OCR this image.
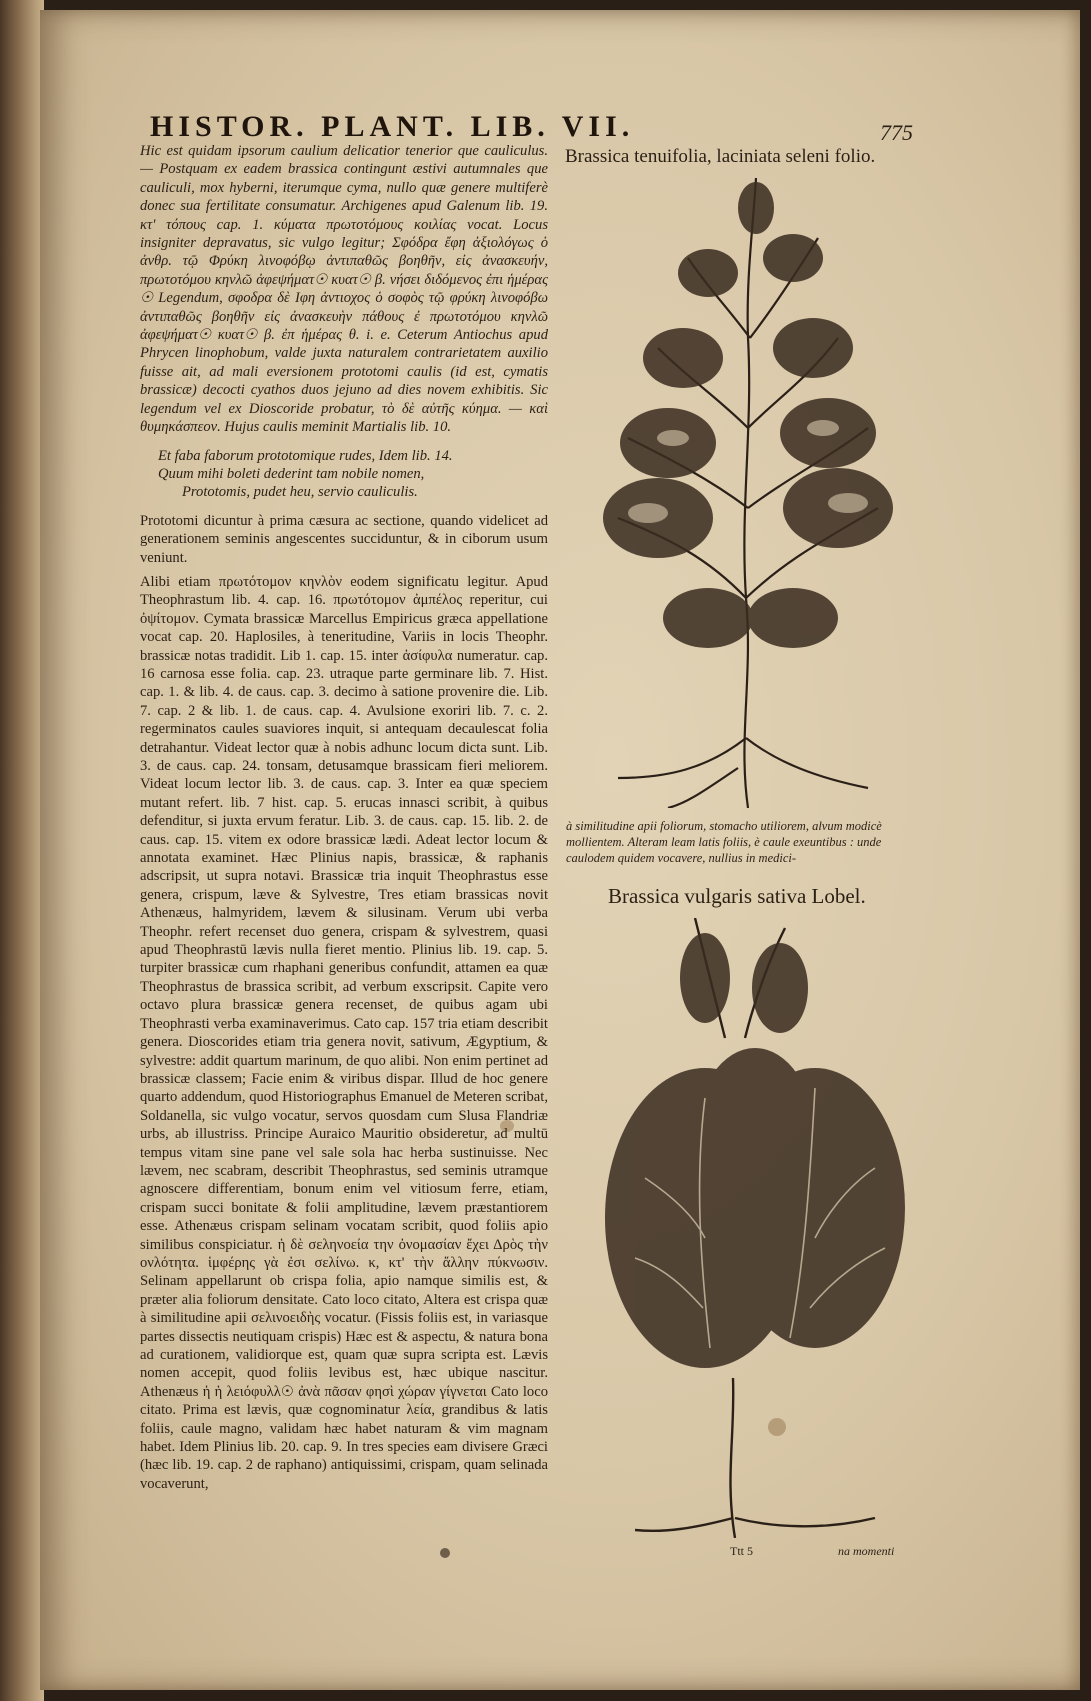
HISTOR. PLANT. LIB. VII.	775

Hic est quidam ipsorum caulium delicatior tenerior que cauliculus. — Postquam ex eadem brassica contingunt æstivi autumnales que cauliculi, mox hyberni, iterumque cyma, nullo quæ genere multiferè donec sua fertilitate consumatur. Archigenes apud Galenum lib. 19. κτ' τόπους cap. 1. κύματα πρωτοτόμους κοιλίας vocat. Locus insigniter depravatus, sic vulgo legitur; Σφόδρα ἔφη ἀξιολόγως ὁ ἀνθρ. τῷ Φρύκη λινοφόβῳ ἀντιπαθῶς βοηθῆν, εἰς ἀνασκευήν, πρωτοτόμου κηνλῶ ἀφεψήματ☉ κυατ☉ β. νήσει διδόμενος ἐπι ἡμέρας ☉ Legendum, σφοδρα δὲ Ιφη ἀντιοχος ὁ σοφὸς τῷ φρύκη λινοφόβω ἀντιπαθῶς βοηθῆν εἰς ἀνασκευὴν πάθους ἐ πρωτοτόμου κηνλῶ ἀφεψήματ☉ κυατ☉ β. ἐπ ἡμέρας θ. i. e. Ceterum Antiochus apud Phrycen linophobum, valde juxta naturalem contrarietatem auxilio fuisse ait, ad mali eversionem prototomi caulis (id est, cymatis brassicæ) decocti cyathos duos jejuno ad dies novem exhibitis. Sic legendum vel ex Dioscoride probatur, τὸ δὲ αὐτῆς κύημα. — καὶ θυμηκάσπεον. Hujus caulis meminit Martialis lib. 10.

Et faba faborum prototomique rudes, Idem lib. 14.
Quum mihi boleti dederint tam nobile nomen,
Prototomis, pudet heu, servio cauliculis.

Prototomi dicuntur à prima cæsura ac sectione, quando videlicet ad generationem seminis angescentes succiduntur, & in ciborum usum veniunt.

Alibi etiam πρωτότομον κηνλὸν eodem significatu legitur. Apud Theophrastum lib. 4. cap. 16. πρωτότομον ἀμπέλος reperitur, cui ὀψίτομον. Cymata brassicæ Marcellus Empiricus græca appellatione vocat cap. 20. Haplosiles, à teneritudine, Variis in locis Theophr. brassicæ notas tradidit. Lib 1. cap. 15. inter ἀσίφυλα numeratur. cap. 16 carnosa esse folia. cap. 23. utraque parte germinare lib. 7. Hist. cap. 1. & lib. 4. de caus. cap. 3. decimo à satione provenire die. Lib. 7. cap. 2 & lib. 1. de caus. cap. 4. Avulsione exoriri lib. 7. c. 2. regerminatos caules suaviores inquit, si antequam decaulescat folia detrahantur. Videat lector quæ à nobis adhunc locum dicta sunt. Lib. 3. de caus. cap. 24. tonsam, detusamque brassicam fieri meliorem. Videat locum lector lib. 3. de caus. cap. 3. Inter ea quæ speciem mutant refert. lib. 7 hist. cap. 5. erucas innasci scribit, à quibus defenditur, si juxta ervum feratur. Lib. 3. de caus. cap. 15. lib. 2. de caus. cap. 15. vitem ex odore brassicæ lædi. Adeat lector locum & annotata examinet. Hæc Plinius napis, brassicæ, & raphanis adscripsit, ut supra notavi. Brassicæ tria inquit Theophrastus esse genera, crispum, læve & Sylvestre, Tres etiam brassicas novit Athenæus, halmyridem, lævem & silusinam. Verum ubi verba Theophr. refert recenset duo genera, crispam & sylvestrem, quasi apud Theophrastū lævis nulla fieret mentio. Plinius lib. 19. cap. 5. turpiter brassicæ cum rhaphani generibus confundit, attamen ea quæ Theophrastus de brassica scribit, ad verbum exscripsit. Capite vero octavo plura brassicæ genera recenset, de quibus agam ubi Theophrasti verba examinaverimus. Cato cap. 157 tria etiam describit genera. Dioscorides etiam tria genera novit, sativum, Ægyptium, & sylvestre: addit quartum marinum, de quo alibi. Non enim pertinet ad brassicæ classem; Facie enim & viribus dispar. Illud de hoc genere quarto addendum, quod Historiographus Emanuel de Meteren scribat, Soldanella, sic vulgo vocatur, servos quosdam cum Slusa Flandriæ urbs, ab illustriss. Principe Auraico Mauritio obsideretur, ad multū tempus vitam sine pane vel sale sola hac herba sustinuisse. Nec lævem, nec scabram, describit Theophrastus, sed seminis utramque agnoscere differentiam, bonum enim vel vitiosum ferre, etiam, crispam succi bonitate & folii amplitudine, lævem præstantiorem esse. Athenæus crispam selinam vocatam scribit, quod foliis apio similibus conspiciatur. ἡ δὲ σεληνοεία την ὀνομασίαν ἔχει Δρὸς τὴν ονλότητα. ἱμφέρης γὰ ἐσι σελίνω. κ, κτ' τὴν ἄλλην πύκνωσιν. Selinam appellarunt ob crispa folia, apio namque similis est, & præter alia foliorum densitate. Cato loco citato, Altera est crispa quæ à similitudine apii σελινοειδὴς vocatur. (Fissis foliis est, in variasque partes dissectis neutiquam crispis) Hæc est & aspectu, & natura bona ad curationem, validiorque est, quam quæ supra scripta est. Lævis nomen accepit, quod foliis levibus est, hæc ubique nascitur. Athenæus ἡ ἡ λειόφυλλ☉ ἀνὰ πᾶσαν φησὶ χώραν γίγνεται Cato loco citato. Prima est lævis, quæ cognominatur λεία, grandibus & latis foliis, caule magno, validam hæc habet naturam & vim magnam habet. Idem Plinius lib. 20. cap. 9. In tres species eam divisere Græci (hæc lib. 19. cap. 2 de raphano) antiquissimi, crispam, quam selinada vocaverunt,

Brassica tenuifolia, laciniata seleni folio.
à similitudine apii foliorum, stomacho utiliorem, alvum modicè mollientem. Alteram leam latis foliis, è caule exeuntibus : unde caulodem quidem vocavere, nullius in medici-
Brassica vulgaris sativa Lobel.
Ttt 5	na momenti
